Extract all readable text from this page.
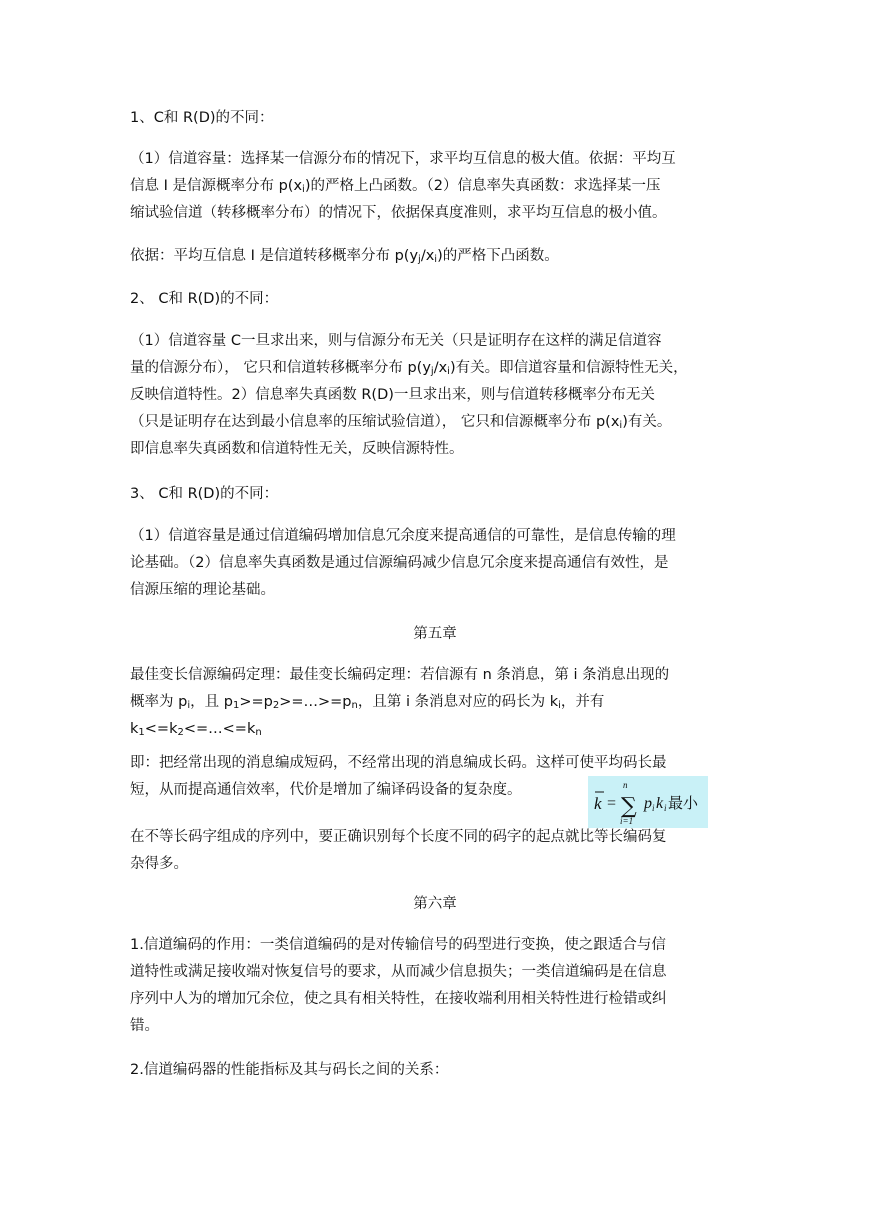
1、C和 R(D)的不同：

（1）信道容量：选择某一信源分布的情况下，求平均互信息的极大值。依据：平均互
信息 I 是信源概率分布 $p(x_i)$的严格上凸函数。（2）信息率失真函数：求选择某一压
缩试验信道（转移概率分布）的情况下，依据保真度准则，求平均互信息的极小值。

依据：平均互信息 I 是信道转移概率分布 $p(y_j/x_i)$的严格下凸函数。

2、 C和 R(D)的不同：

（1）信道容量 C一旦求出来，则与信源分布无关（只是证明存在这样的满足信道容
量的信源分布）， 它只和信道转移概率分布 $p(y_j/x_i)$有关。即信道容量和信源特性无关，
反映信道特性。2）信息率失真函数 R(D)一旦求出来，则与信道转移概率分布无关
（只是证明存在达到最小信息率的压缩试验信道）， 它只和信源概率分布 $p(x_i)$有关。
即信息率失真函数和信道特性无关，反映信源特性。

3、 C和 R(D)的不同：

（1）信道容量是通过信道编码增加信息冗余度来提高通信的可靠性，是信息传输的理
论基础。（2）信息率失真函数是通过信源编码减少信息冗余度来提高通信有效性，是
信源压缩的理论基础。

第五章

最佳变长信源编码定理：最佳变长编码定理：若信源有 n 条消息，第 i 条消息出现的
概率为 $p_i$，且 $p_1>=p_2>=\dots>=p_n$，且第 i 条消息对应的码长为 $k_i$，并有
$k_1<=k_2<=\dots<=k_n$

即：把经常出现的消息编成短码，不经常出现的消息编成长码。这样可使平均码长最
短，从而提高通信效率，代价是增加了编译码设备的复杂度。

k =
n
∑
i=1
p i k i 最小

在不等长码字组成的序列中，要正确识别每个长度不同的码字的起点就比等长编码复
杂得多。

第六章

1.信道编码的作用：一类信道编码的是对传输信号的码型进行变换，使之跟适合与信
道特性或满足接收端对恢复信号的要求，从而减少信息损失；一类信道编码是在信息
序列中人为的增加冗余位，使之具有相关特性，在接收端利用相关特性进行检错或纠
错。

2.信道编码器的性能指标及其与码长之间的关系：
